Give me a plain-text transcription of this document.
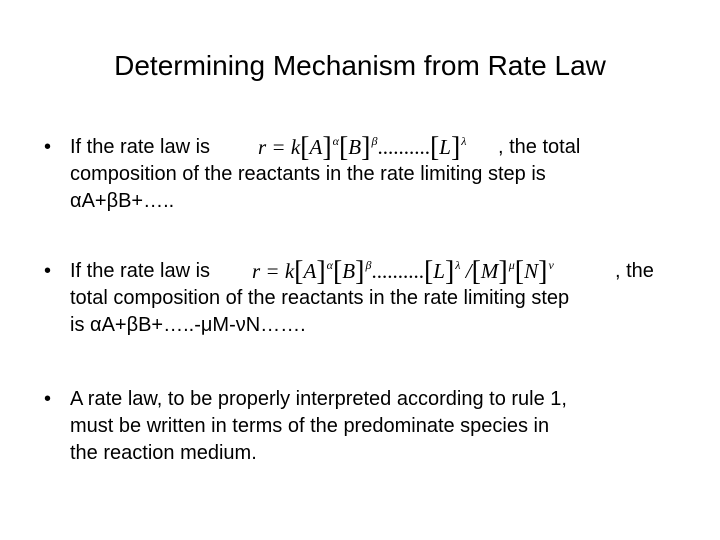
Determining Mechanism from Rate Law
• If the rate law is $r = k[A]^\alpha[B]^\beta..........[L]^\lambda$ , the total
composition of the reactants in the rate limiting step is
αA+βB+…..
• If the rate law is $r = k[A]^\alpha[B]^\beta..........[L]^\lambda$ $/[M]^\mu[N]^\nu$	, the
total composition of the reactants in the rate limiting step
is αA+βB+…..-μM-νN…….
• A rate law, to be properly interpreted according to rule 1,
must be written in terms of the predominate species in
the reaction medium.
